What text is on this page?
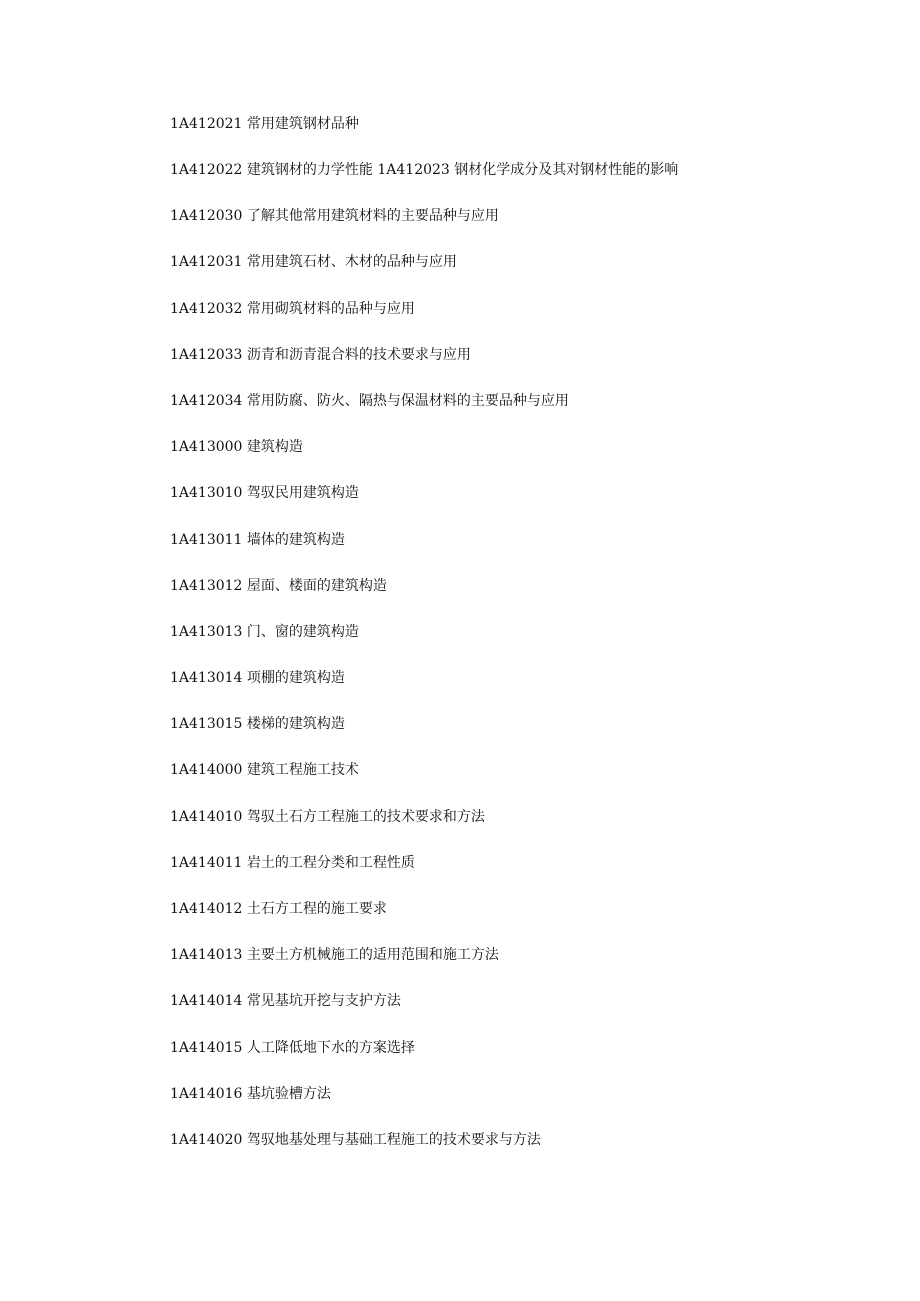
1A412021 常用建筑钢材品种

1A412022 建筑钢材的力学性能 1A412023 钢材化学成分及其对钢材性能的影响

1A412030 了解其他常用建筑材料的主要品种与应用

1A412031 常用建筑石材、木材的品种与应用

1A412032 常用砌筑材料的品种与应用

1A412033 沥青和沥青混合料的技术要求与应用

1A412034 常用防腐、防火、隔热与保温材料的主要品种与应用

1A413000 建筑构造

1A413010 驾驭民用建筑构造

1A413011 墙体的建筑构造

1A413012 屋面、楼面的建筑构造

1A413013 门、窗的建筑构造

1A413014 项棚的建筑构造

1A413015 楼梯的建筑构造

1A414000 建筑工程施工技术

1A414010 驾驭土石方工程施工的技术要求和方法

1A414011 岩土的工程分类和工程性质

1A414012 土石方工程的施工要求

1A414013 主要土方机械施工的适用范围和施工方法

1A414014 常见基坑开挖与支护方法

1A414015 人工降低地下水的方案选择

1A414016 基坑验槽方法

1A414020 驾驭地基处理与基础工程施工的技术要求与方法
